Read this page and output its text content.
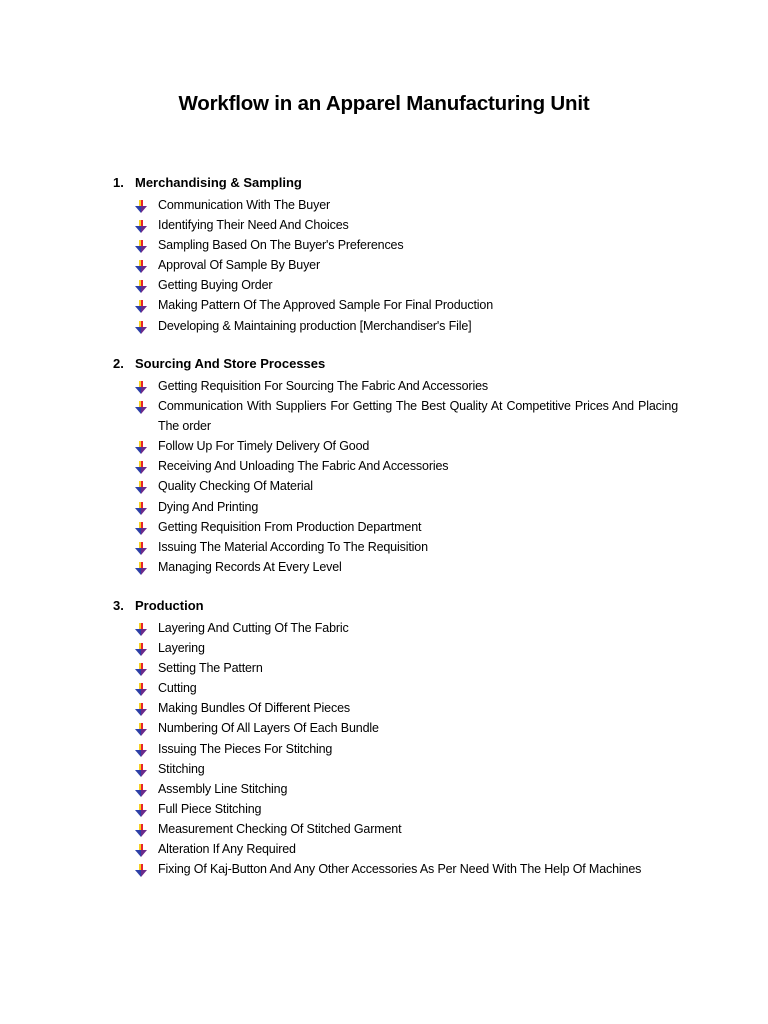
Workflow in an Apparel Manufacturing Unit
1. Merchandising & Sampling
Communication With The Buyer
Identifying Their Need And Choices
Sampling Based On The Buyer's Preferences
Approval Of Sample By Buyer
Getting Buying Order
Making Pattern Of The Approved Sample For Final Production
Developing & Maintaining production [Merchandiser's File]
2. Sourcing And Store Processes
Getting Requisition For Sourcing The Fabric And Accessories
Communication With Suppliers For Getting The Best Quality At Competitive Prices And Placing The order
Follow Up For Timely Delivery Of Good
Receiving And Unloading The Fabric And Accessories
Quality Checking Of Material
Dying And Printing
Getting Requisition From Production Department
Issuing The Material According To The Requisition
Managing Records At Every Level
3. Production
Layering And Cutting Of The Fabric
Layering
Setting The Pattern
Cutting
Making Bundles Of Different Pieces
Numbering Of All Layers Of Each Bundle
Issuing The Pieces For Stitching
Stitching
Assembly Line Stitching
Full Piece Stitching
Measurement Checking Of Stitched Garment
Alteration If Any Required
Fixing Of Kaj-Button And Any Other Accessories As Per Need With The Help Of Machines
